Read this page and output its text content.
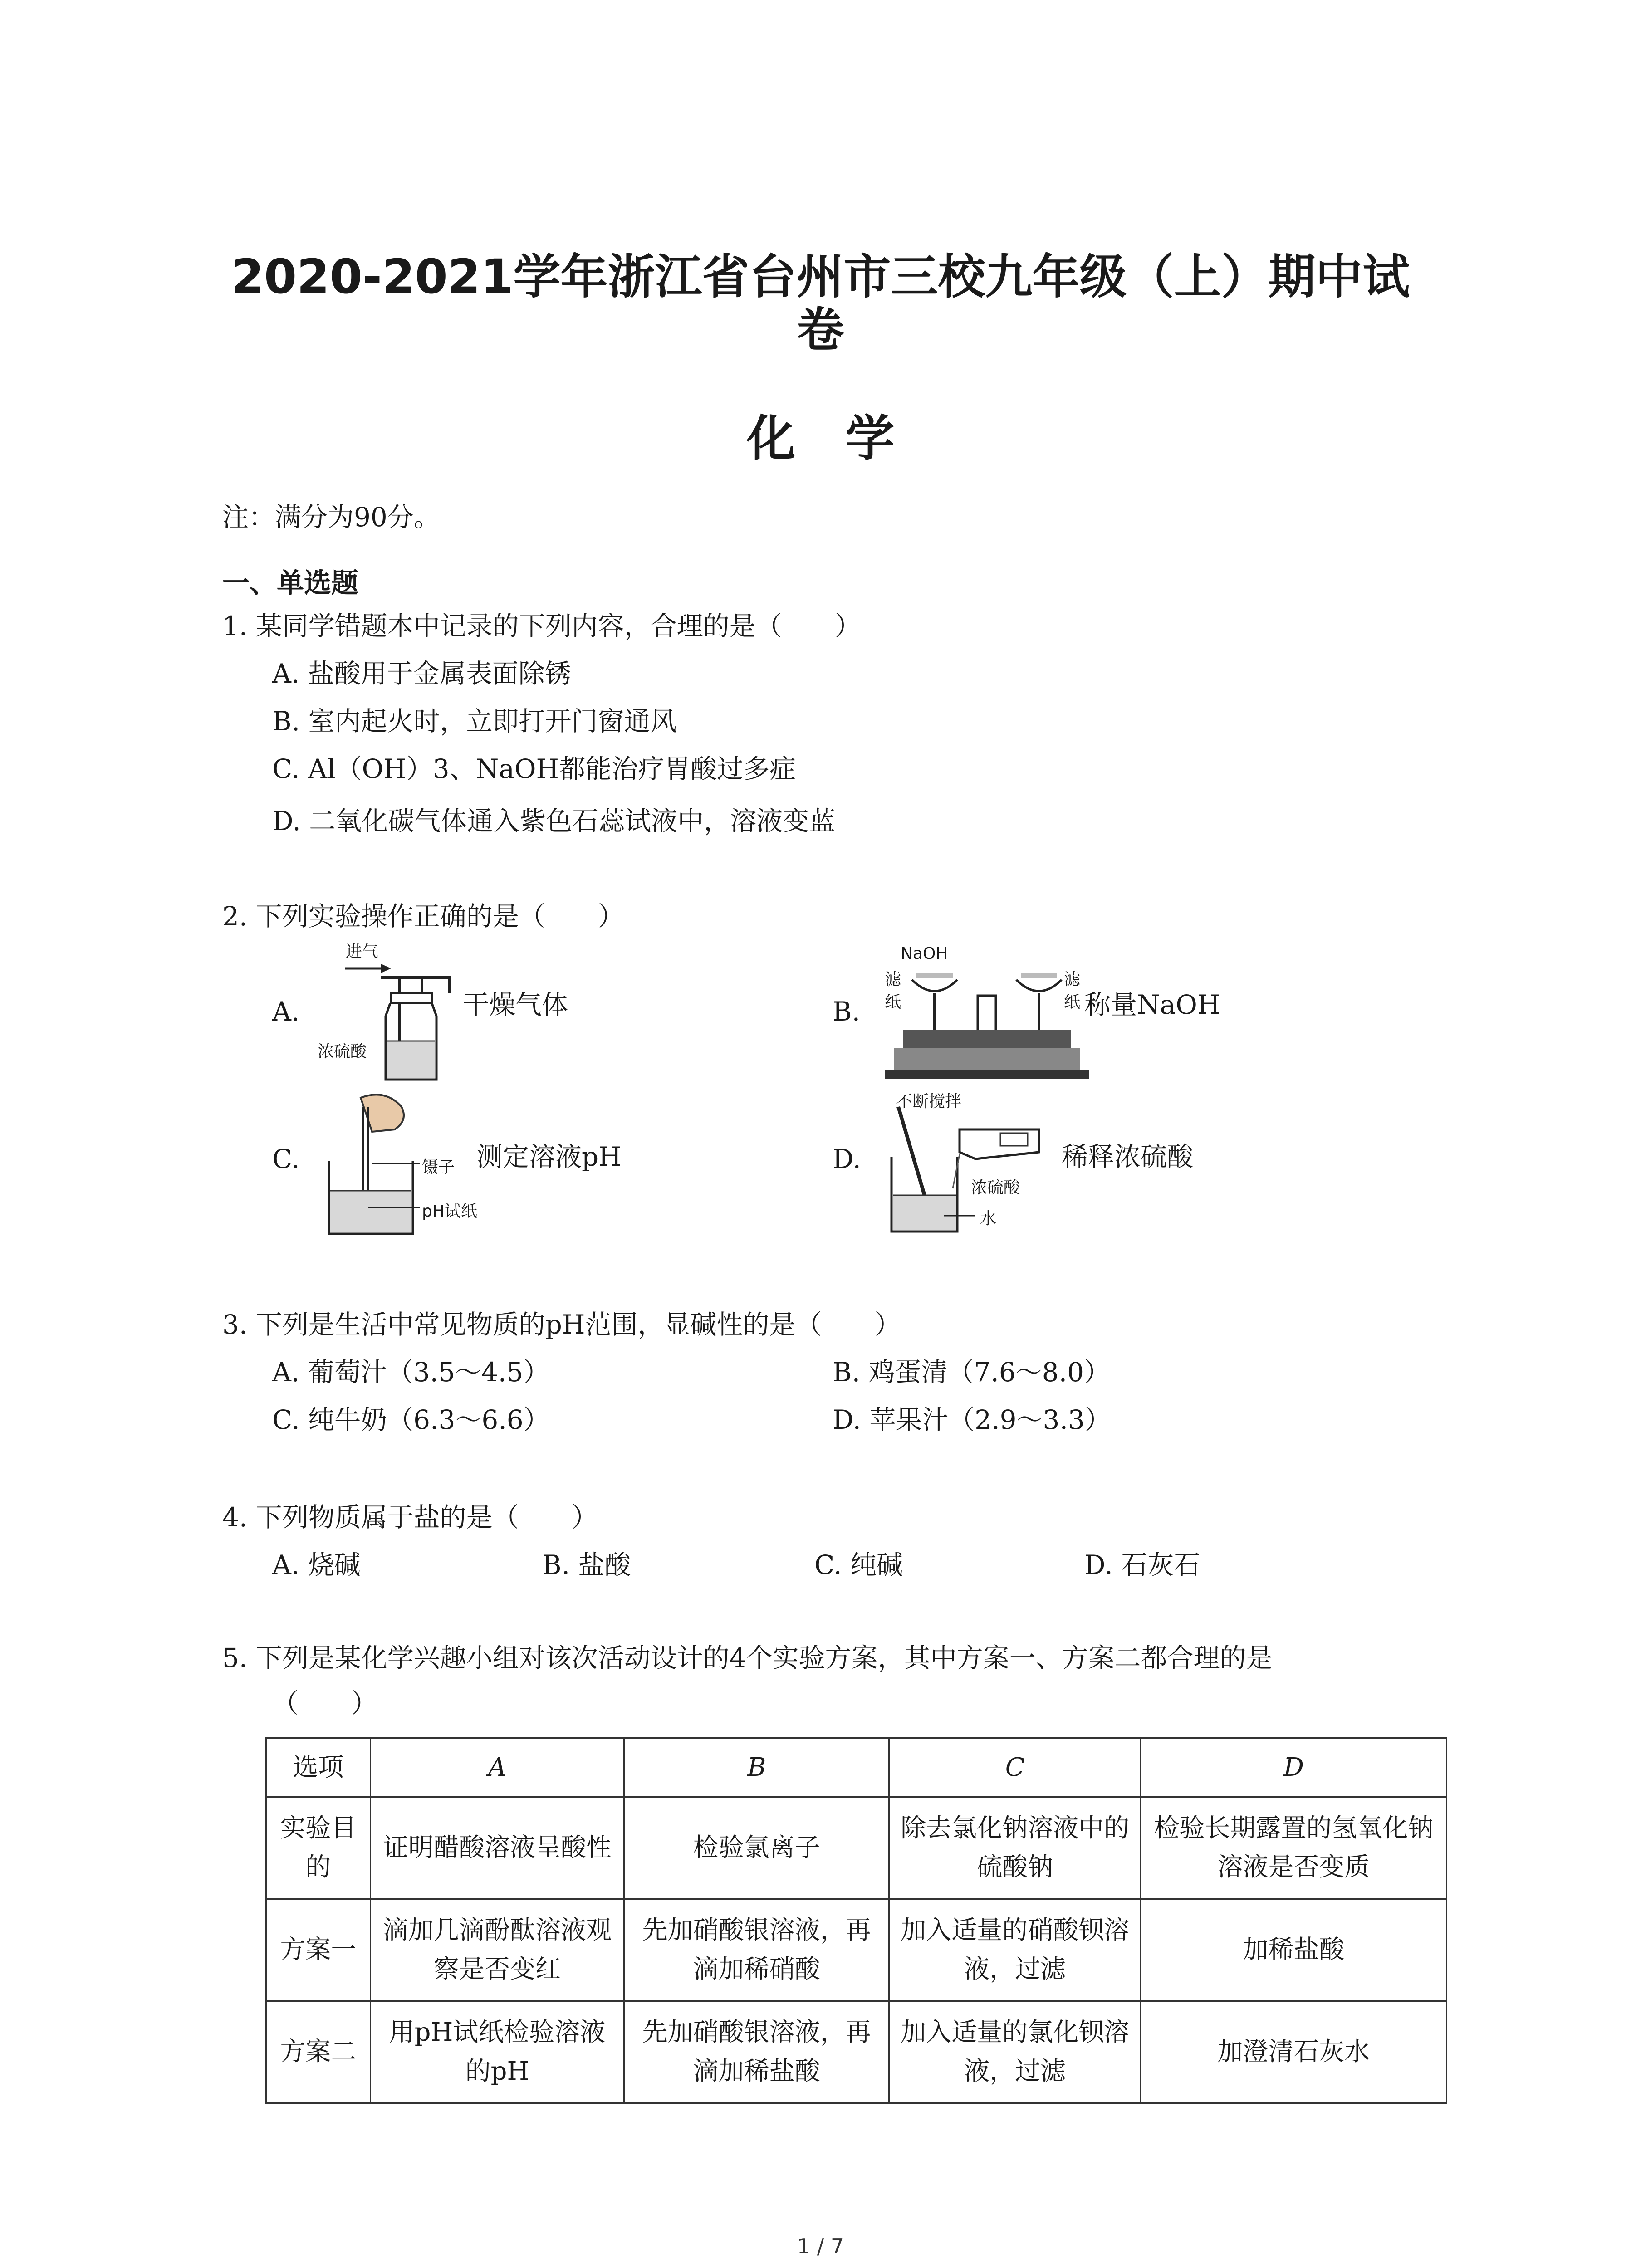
2020-2021学年浙江省台州市三校九年级（上）期中试
卷
化学
注：满分为90分。
一、单选题
1. 某同学错题本中记录的下列内容，合理的是（　　）
A. 盐酸用于金属表面除锈
B. 室内起火时，立即打开门窗通风
C. Al（OH）3、NaOH都能治疗胃酸过多症
D. 二氧化碳气体通入紫色石蕊试液中，溶液变蓝
2. 下列实验操作正确的是（　　）
A.
进气
浓硫酸
干燥气体	B.
NaOH
滤纸
滤纸 称量NaOH
C.	镊子
pH试纸
测定溶液pH	D.
不断搅拌
浓硫酸
水
稀释浓硫酸
3. 下列是生活中常见物质的pH范围，显碱性的是（　　）
A. 葡萄汁（3.5～4.5）	B. 鸡蛋清（7.6～8.0）
C. 纯牛奶（6.3～6.6）	D. 苹果汁（2.9～3.3）
4. 下列物质属于盐的是（　　）
A. 烧碱	B. 盐酸	C. 纯碱	D. 石灰石
5. 下列是某化学兴趣小组对该次活动设计的4个实验方案，其中方案一、方案二都合理的是
（　　）
选项	A	B	C	D
实验目的	证明醋酸溶液呈酸性	检验氯离子	除去氯化钠溶液中的硫酸钠	检验长期露置的氢氧化钠溶液是否变质
方案一	滴加几滴酚酞溶液观察是否变红	先加硝酸银溶液，再滴加稀硝酸	加入适量的硝酸钡溶液，过滤	加稀盐酸
方案二	用pH试纸检验溶液的pH	先加硝酸银溶液，再滴加稀盐酸	加入适量的氯化钡溶液，过滤	加澄清石灰水
1 / 7
